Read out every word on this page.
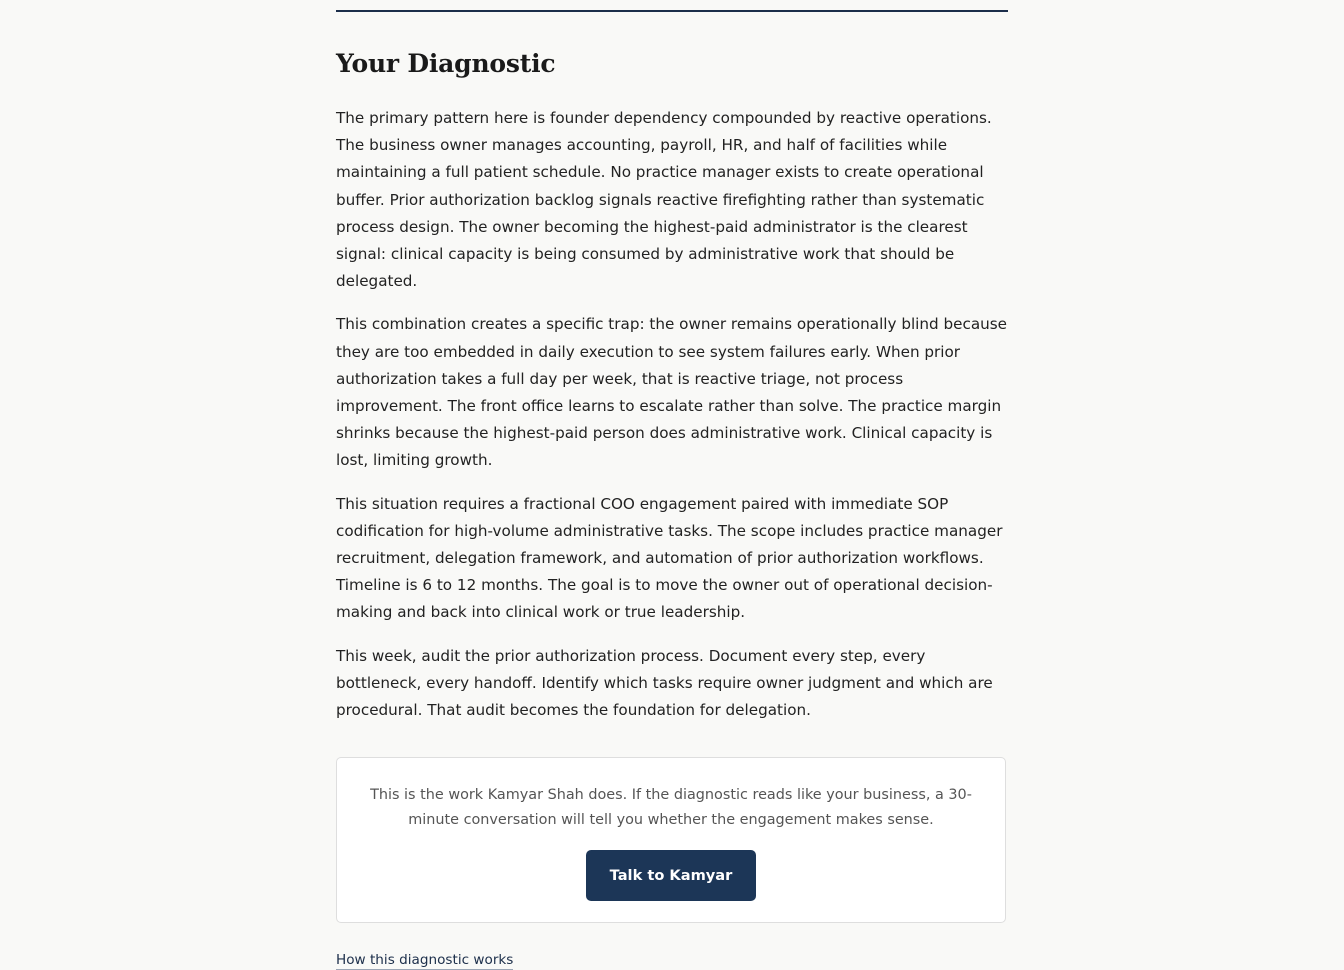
Your Diagnostic

The primary pattern here is founder dependency compounded by reactive operations. The business owner manages accounting, payroll, HR, and half of facilities while maintaining a full patient schedule. No practice manager exists to create operational buffer. Prior authorization backlog signals reactive firefighting rather than systematic process design. The owner becoming the highest-paid administrator is the clearest signal: clinical capacity is being consumed by administrative work that should be delegated.

This combination creates a specific trap: the owner remains operationally blind because they are too embedded in daily execution to see system failures early. When prior authorization takes a full day per week, that is reactive triage, not process improvement. The front office learns to escalate rather than solve. The practice margin shrinks because the highest-paid person does administrative work. Clinical capacity is lost, limiting growth.

This situation requires a fractional COO engagement paired with immediate SOP codification for high-volume administrative tasks. The scope includes practice manager recruitment, delegation framework, and automation of prior authorization workflows. Timeline is 6 to 12 months. The goal is to move the owner out of operational decision-making and back into clinical work or true leadership.

This week, audit the prior authorization process. Document every step, every bottleneck, every handoff. Identify which tasks require owner judgment and which are procedural. That audit becomes the foundation for delegation.

This is the work Kamyar Shah does. If the diagnostic reads like your business, a 30-minute conversation will tell you whether the engagement makes sense.
Talk to Kamyar
How this diagnostic works
